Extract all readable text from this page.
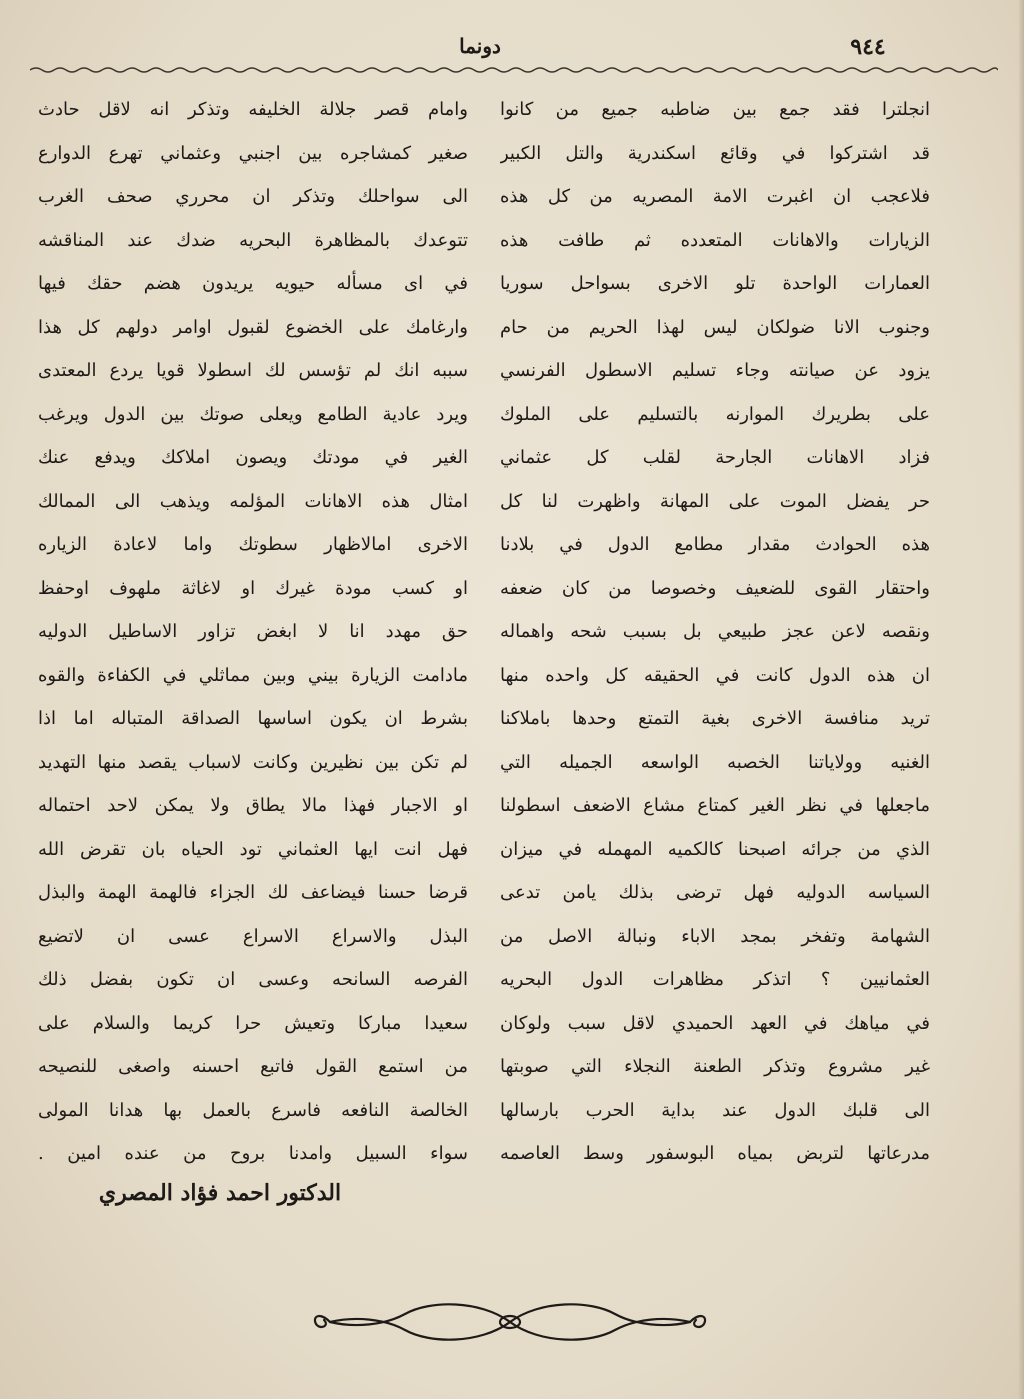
٩٤٤
دونما
انجلترا فقد جمع بين ضاطبه جميع من كانوا
قد اشتركوا في وقائع اسكندرية والتل الكبير
فلاعجب ان اغبرت الامة المصريه من كل هذه
الزيارات والاهانات المتعدده ثم طافت هذه
العمارات الواحدة تلو الاخرى بسواحل سوريا
وجنوب الانا ضولكان ليس لهذا الحريم من حام
يزود عن صيانته وجاء تسليم الاسطول الفرنسي
على بطريرك الموارنه بالتسليم على الملوك
فزاد الاهانات الجارحة لقلب كل عثماني
حر يفضل الموت على المهانة واظهرت لنا كل
هذه الحوادث مقدار مطامع الدول في بلادنا
واحتقار القوى للضعيف وخصوصا من كان ضعفه
ونقصه لاعن عجز طبيعي بل بسبب شحه واهماله
ان هذه الدول كانت في الحقيقه كل واحده منها
تريد منافسة الاخرى بغية التمتع وحدها باملاكنا
الغنيه وولاياتنا الخصبه الواسعه الجميله التي
ماجعلها في نظر الغير كمتاع مشاع الاضعف اسطولنا
الذي من جرائه اصبحنا كالكميه المهمله في ميزان
السياسه الدوليه فهل ترضى بذلك يامن تدعى
الشهامة وتفخر بمجد الاباء ونبالة الاصل من
العثمانيين ؟ اتذكر مظاهرات الدول البحريه
في مياهك في العهد الحميدي لاقل سبب ولوكان
غير مشروع وتذكر الطعنة النجلاء التي صوبتها
الى قلبك الدول عند بداية الحرب بارسالها
مدرعاتها لتربض بمياه البوسفور وسط العاصمه
وامام قصر جلالة الخليفه وتذكر انه لاقل حادث
صغير كمشاجره بين اجنبي وعثماني تهرع الدوارع
الى سواحلك وتذكر ان محرري صحف الغرب
تتوعدك بالمظاهرة البحريه ضدك عند المناقشه
في اى مسأله حيويه يريدون هضم حقك فيها
وارغامك على الخضوع لقبول اوامر دولهم كل هذا
سببه انك لم تؤسس لك اسطولا قويا يردع المعتدى
ويرد عادية الطامع ويعلى صوتك بين الدول ويرغب
الغير في مودتك ويصون املاكك ويدفع عنك
امثال هذه الاهانات المؤلمه ويذهب الى الممالك
الاخرى امالاظهار سطوتك واما لاعادة الزياره
او كسب مودة غيرك او لاغاثة ملهوف اوحفظ
حق مهدد انا لا ابغض تزاور الاساطيل الدوليه
مادامت الزيارة بيني وبين مماثلي في الكفاءة والقوه
بشرط ان يكون اساسها الصداقة المتباله اما اذا
لم تكن بين نظيرين وكانت لاسباب يقصد منها التهديد
او الاجبار فهذا مالا يطاق ولا يمكن لاحد احتماله
فهل انت ايها العثماني تود الحياه بان تقرض الله
قرضا حسنا فيضاعف لك الجزاء فالهمة الهمة والبذل
البذل والاسراع الاسراع عسى ان لاتضيع
الفرصه السانحه وعسى ان تكون بفضل ذلك
سعيدا مباركا وتعيش حرا كريما والسلام على
من استمع القول فاتبع احسنه واصغى للنصيحه
الخالصة النافعه فاسرع بالعمل بها هدانا المولى
سواء السبيل وامدنا بروح من عنده امين .
الدكتور احمد فؤاد المصري
